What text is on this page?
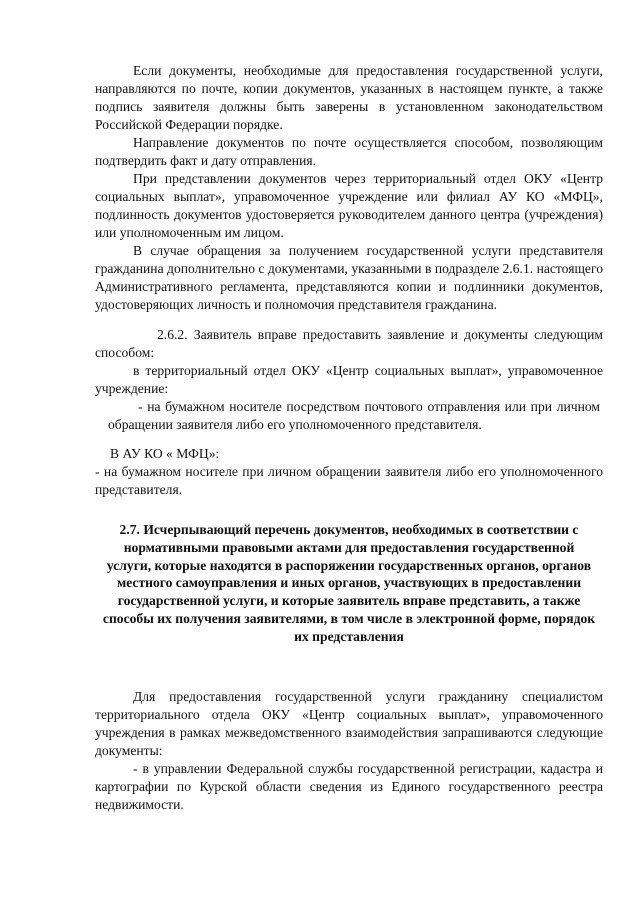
Если документы, необходимые для предоставления государственной услуги, направляются по почте, копии документов, указанных в настоящем пункте, а также подпись заявителя должны быть заверены в установленном законодательством Российской Федерации порядке.

Направление документов по почте осуществляется способом, позволяющим подтвердить факт и дату отправления.

При представлении документов через территориальный отдел ОКУ «Центр социальных выплат», управомоченное учреждение или филиал АУ КО «МФЦ», подлинность документов удостоверяется руководителем данного центра (учреждения) или уполномоченным им лицом.

В случае обращения за получением государственной услуги представителя гражданина дополнительно с документами, указанными в подразделе 2.6.1. настоящего Административного регламента, представляются копии и подлинники документов, удостоверяющих личность и полномочия представителя гражданина.

2.6.2. Заявитель вправе предоставить заявление и документы следующим способом:

в территориальный отдел ОКУ «Центр социальных выплат», управомоченное учреждение:

- на бумажном носителе посредством почтового отправления или при личном обращении заявителя либо его уполномоченного представителя.

В АУ КО « МФЦ»:

- на бумажном носителе при личном обращении заявителя либо его уполномоченного представителя.

2.7. Исчерпывающий перечень документов, необходимых в соответствии с нормативными правовыми актами для предоставления государственной услуги, которые находятся в распоряжении государственных органов, органов местного самоуправления и иных органов, участвующих в предоставлении государственной услуги, и которые заявитель вправе представить, а также способы их получения заявителями, в том числе в электронной форме, порядок их представления

Для предоставления государственной услуги гражданину специалистом территориального отдела ОКУ «Центр социальных выплат», управомоченного учреждения в рамках межведомственного взаимодействия запрашиваются следующие документы:

- в управлении Федеральной службы государственной регистрации, кадастра и картографии по Курской области сведения из Единого государственного реестра недвижимости.
